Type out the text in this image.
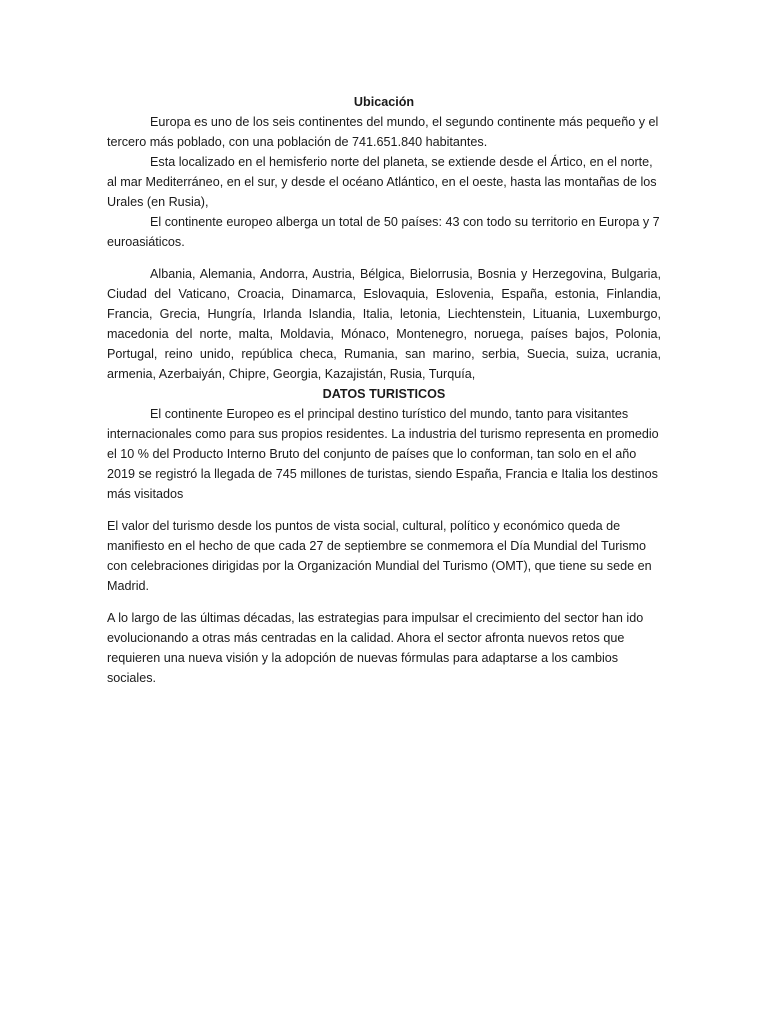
Ubicación

Europa es uno de los seis continentes del mundo, el segundo continente más pequeño y el tercero más poblado, con una población de 741.651.840 habitantes.

Esta localizado en el hemisferio norte del planeta, se extiende desde el Ártico, en el norte, al mar Mediterráneo, en el sur, y desde el océano Atlántico, en el oeste, hasta las montañas de los Urales (en Rusia),

El continente europeo alberga un total de 50 países: 43 con todo su territorio en Europa y 7 euroasiáticos.

Albania, Alemania, Andorra, Austria, Bélgica, Bielorrusia, Bosnia y Herzegovina, Bulgaria, Ciudad del Vaticano, Croacia, Dinamarca, Eslovaquia, Eslovenia, España, estonia, Finlandia, Francia, Grecia, Hungría, Irlanda Islandia, Italia, letonia, Liechtenstein, Lituania, Luxemburgo, macedonia del norte, malta, Moldavia, Mónaco, Montenegro, noruega, países bajos, Polonia, Portugal, reino unido, república checa, Rumania, san marino, serbia, Suecia, suiza, ucrania, armenia, Azerbaiyán, Chipre, Georgia, Kazajistán, Rusia, Turquía,

DATOS TURISTICOS

El continente Europeo es el principal destino turístico del mundo, tanto para visitantes internacionales como para sus propios residentes. La industria del turismo representa en promedio el 10 % del Producto Interno Bruto del conjunto de países que lo conforman, tan solo en el año 2019 se registró la llegada de 745 millones de turistas, siendo España, Francia e Italia los destinos más visitados

El valor del turismo desde los puntos de vista social, cultural, político y económico queda de manifiesto en el hecho de que cada 27 de septiembre se conmemora el Día Mundial del Turismo con celebraciones dirigidas por la Organización Mundial del Turismo (OMT), que tiene su sede en Madrid.

A lo largo de las últimas décadas, las estrategias para impulsar el crecimiento del sector han ido evolucionando a otras más centradas en la calidad. Ahora el sector afronta nuevos retos que requieren una nueva visión y la adopción de nuevas fórmulas para adaptarse a los cambios sociales.
